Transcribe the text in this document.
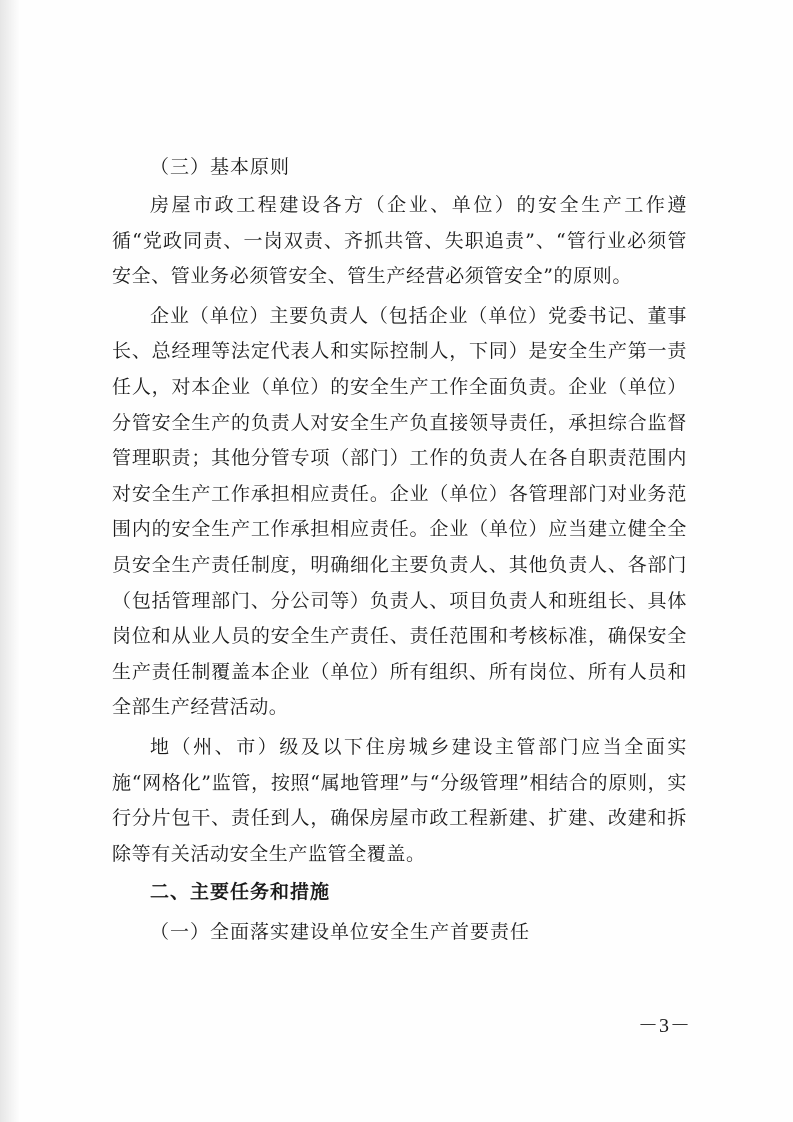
（三）基本原则

房屋市政工程建设各方（企业、单位）的安全生产工作遵循“党政同责、一岗双责、齐抓共管、失职追责”、“管行业必须管安全、管业务必须管安全、管生产经营必须管安全”的原则。

企业（单位）主要负责人（包括企业（单位）党委书记、董事长、总经理等法定代表人和实际控制人，下同）是安全生产第一责任人，对本企业（单位）的安全生产工作全面负责。企业（单位）分管安全生产的负责人对安全生产负直接领导责任，承担综合监督管理职责；其他分管专项（部门）工作的负责人在各自职责范围内对安全生产工作承担相应责任。企业（单位）各管理部门对业务范围内的安全生产工作承担相应责任。企业（单位）应当建立健全全员安全生产责任制度，明确细化主要负责人、其他负责人、各部门（包括管理部门、分公司等）负责人、项目负责人和班组长、具体岗位和从业人员的安全生产责任、责任范围和考核标准，确保安全生产责任制覆盖本企业（单位）所有组织、所有岗位、所有人员和全部生产经营活动。

地（州、市）级及以下住房城乡建设主管部门应当全面实施“网格化”监管，按照“属地管理”与“分级管理”相结合的原则，实行分片包干、责任到人，确保房屋市政工程新建、扩建、改建和拆除等有关活动安全生产监管全覆盖。

二、主要任务和措施

（一）全面落实建设单位安全生产首要责任

－3－
